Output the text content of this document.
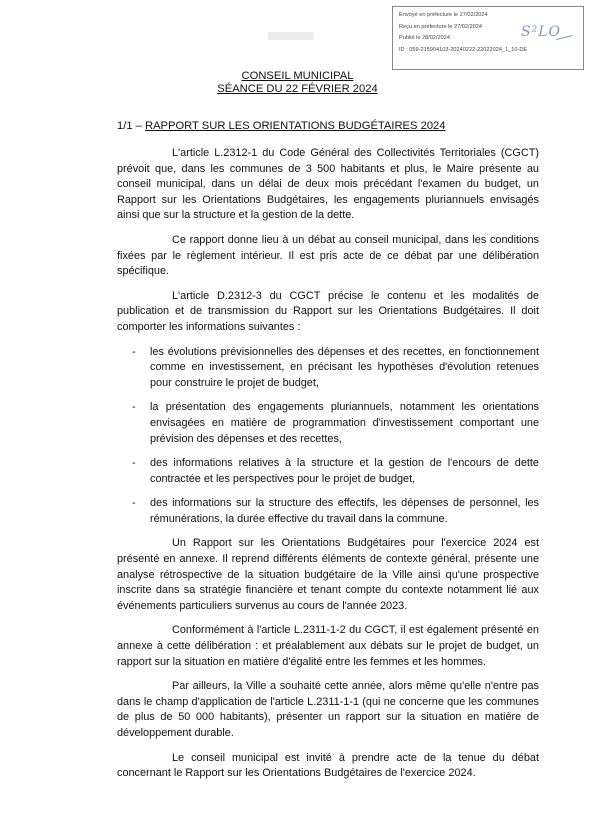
Envoyé en préfecture le 27/02/2024
Reçu en préfecture le 27/02/2024
Publié le 28/02/2024
ID : 059-215904103-20240222-22022024_1_10-DE
S²LO
CONSEIL MUNICIPAL
SÉANCE DU 22 FÉVRIER 2024
1/1 – RAPPORT SUR LES ORIENTATIONS BUDGÉTAIRES 2024

L'article L.2312-1 du Code Général des Collectivités Territoriales (CGCT) prévoit que, dans les communes de 3 500 habitants et plus, le Maire présente au conseil municipal, dans un délai de deux mois précédant l'examen du budget, un Rapport sur les Orientations Budgétaires, les engagements pluriannuels envisagés ainsi que sur la structure et la gestion de la dette.

Ce rapport donne lieu à un débat au conseil municipal, dans les conditions fixées par le règlement intérieur. Il est pris acte de ce débat par une délibération spécifique.

L'article D.2312-3 du CGCT précise le contenu et les modalités de publication et de transmission du Rapport sur les Orientations Budgétaires. Il doit comporter les informations suivantes :

- les évolutions prévisionnelles des dépenses et des recettes, en fonctionnement comme en investissement, en précisant les hypothèses d'évolution retenues pour construire le projet de budget,
- la présentation des engagements pluriannuels, notamment les orientations envisagées en matière de programmation d'investissement comportant une prévision des dépenses et des recettes,
- des informations relatives à la structure et la gestion de l'encours de dette contractée et les perspectives pour le projet de budget,
- des informations sur la structure des effectifs, les dépenses de personnel, les rémunérations, la durée effective du travail dans la commune.

Un Rapport sur les Orientations Budgétaires pour l'exercice 2024 est présenté en annexe. Il reprend différents éléments de contexte général, présente une analyse rétrospective de la situation budgétaire de la Ville ainsi qu'une prospective inscrite dans sa stratégie financière et tenant compte du contexte notamment lié aux événements particuliers survenus au cours de l'année 2023.

Conformément à l'article L.2311-1-2 du CGCT, il est également présenté en annexe à cette délibération : et préalablement aux débats sur le projet de budget, un rapport sur la situation en matière d'égalité entre les femmes et les hommes.

Par ailleurs, la Ville a souhaité cette année, alors même qu'elle n'entre pas dans le champ d'application de l'article L.2311-1-1 (qui ne concerne que les communes de plus de 50 000 habitants), présenter un rapport sur la situation en matière de développement durable.

Le conseil municipal est invité à prendre acte de la tenue du débat concernant le Rapport sur les Orientations Budgétaires de l'exercice 2024.
